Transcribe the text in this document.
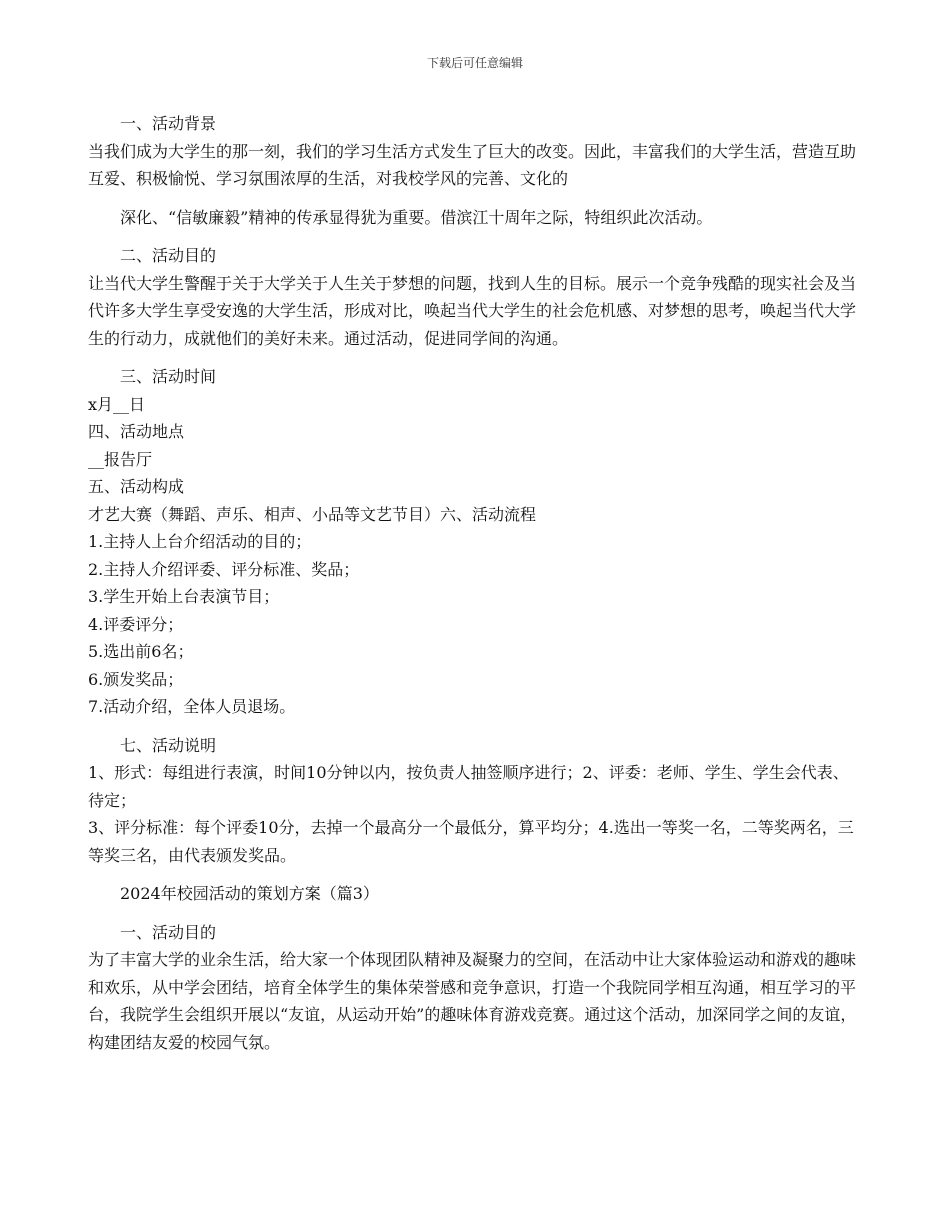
下载后可任意编辑

一、活动背景

当我们成为大学生的那一刻，我们的学习生活方式发生了巨大的改变。因此，丰富我们的大学生活，营造互助互爱、积极愉悦、学习氛围浓厚的生活，对我校学风的完善、文化的

深化、“信敏廉毅”精神的传承显得犹为重要。借滨江十周年之际，特组织此次活动。

二、活动目的

让当代大学生警醒于关于大学关于人生关于梦想的问题，找到人生的目标。展示一个竞争残酷的现实社会及当代许多大学生享受安逸的大学生活，形成对比，唤起当代大学生的社会危机感、对梦想的思考，唤起当代大学生的行动力，成就他们的美好未来。通过活动，促进同学间的沟通。

三、活动时间

x月__日

四、活动地点

__报告厅

五、活动构成

才艺大赛（舞蹈、声乐、相声、小品等文艺节目）六、活动流程

1.主持人上台介绍活动的目的；

2.主持人介绍评委、评分标准、奖品；

3.学生开始上台表演节目；

4.评委评分；

5.选出前6名；

6.颁发奖品；

7.活动介绍，全体人员退场。

七、活动说明

1、形式：每组进行表演，时间10分钟以内，按负责人抽签顺序进行；2、评委：老师、学生、学生会代表、待定；

3、评分标准：每个评委10分，去掉一个最高分一个最低分，算平均分；4.选出一等奖一名，二等奖两名，三等奖三名，由代表颁发奖品。

2024年校园活动的策划方案（篇3）

一、活动目的

为了丰富大学的业余生活，给大家一个体现团队精神及凝聚力的空间，在活动中让大家体验运动和游戏的趣味和欢乐，从中学会团结，培育全体学生的集体荣誉感和竞争意识，打造一个我院同学相互沟通，相互学习的平台，我院学生会组织开展以“友谊，从运动开始”的趣味体育游戏竞赛。通过这个活动，加深同学之间的友谊，构建团结友爱的校园气氛。
